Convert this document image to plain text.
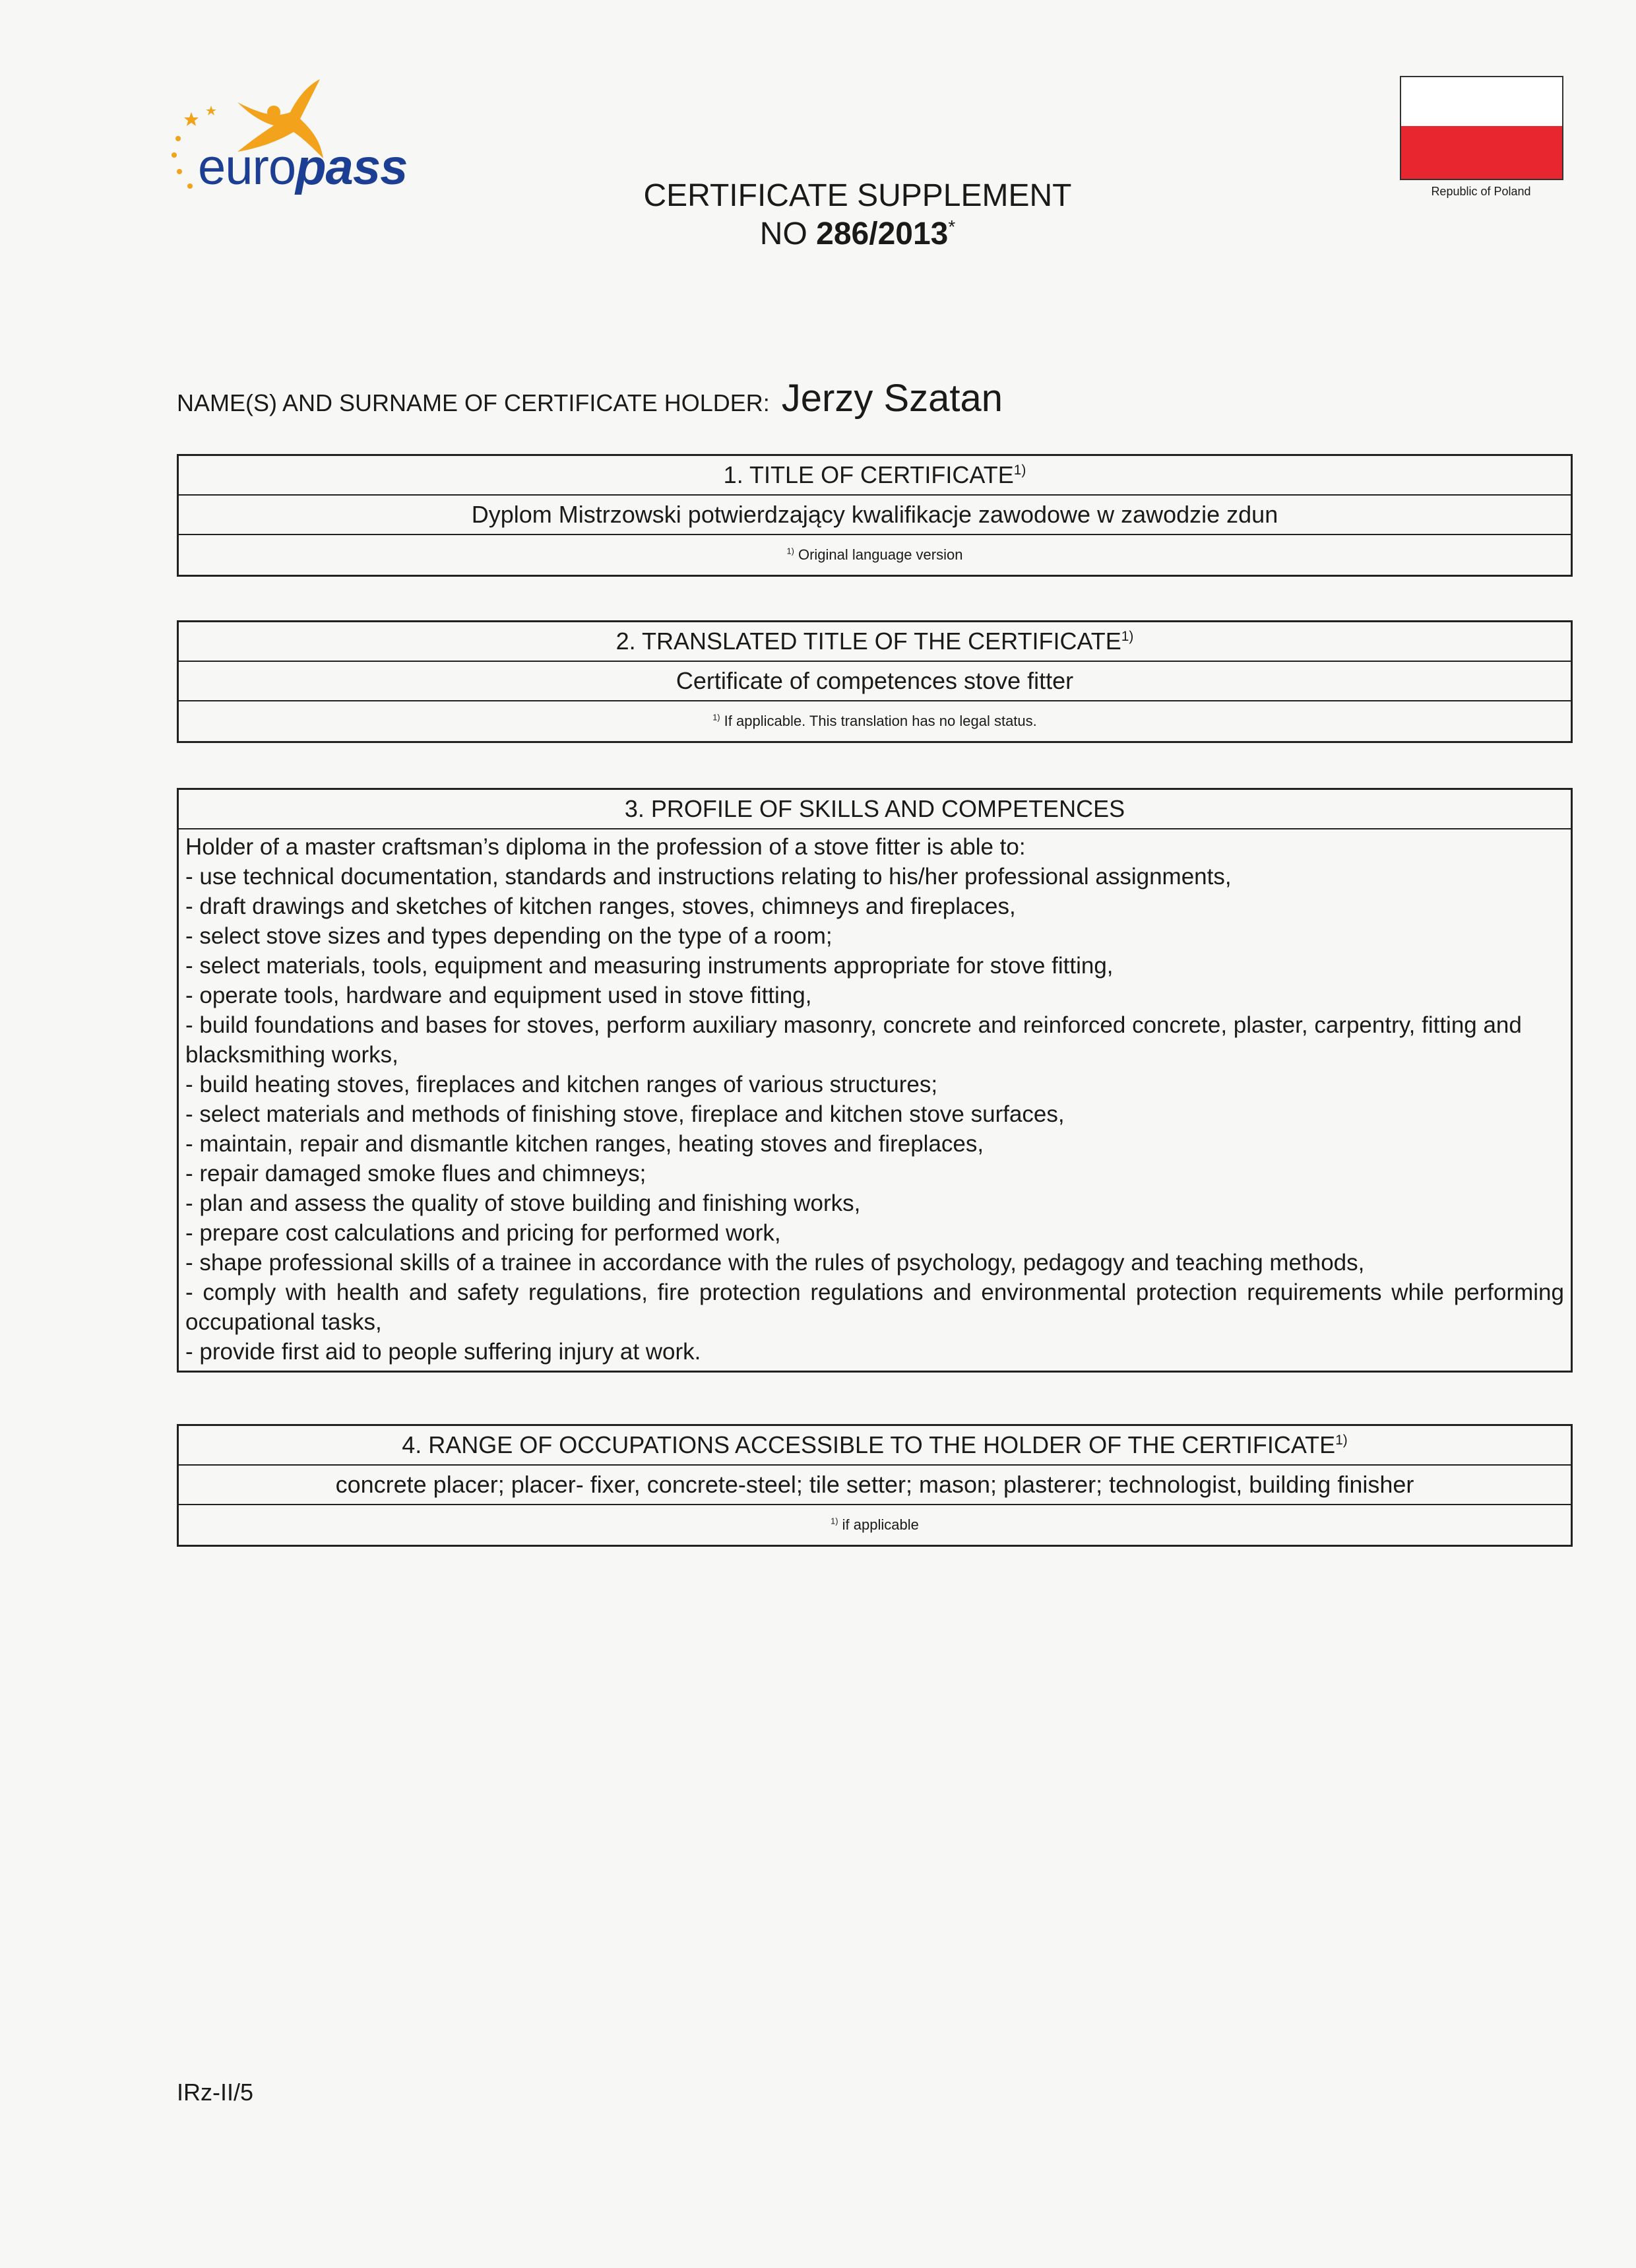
europass
CERTIFICATE SUPPLEMENT
NO 286/2013*
Republic of Poland
NAME(S) AND SURNAME OF CERTIFICATE HOLDER: Jerzy Szatan
1. TITLE OF CERTIFICATE$^{1)}$
Dyplom Mistrzowski potwierdzający kwalifikacje zawodowe w zawodzie zdun
$^{1)}$ Original language version
2. TRANSLATED TITLE OF THE CERTIFICATE$^{1)}$
Certificate of competences stove fitter
$^{1)}$ If applicable. This translation has no legal status.
3. PROFILE OF SKILLS AND COMPETENCES
Holder of a master craftsman’s diploma in the profession of a stove fitter is able to:
- use technical documentation, standards and instructions relating to his/her professional assignments,
- draft drawings and sketches of kitchen ranges, stoves, chimneys and fireplaces,
- select stove sizes and types depending on the type of a room;
- select materials, tools, equipment and measuring instruments appropriate for stove fitting,
- operate tools, hardware and equipment used in stove fitting,
- build foundations and bases for stoves, perform auxiliary masonry, concrete and reinforced concrete, plaster, carpentry, fitting and blacksmithing works,
- build heating stoves, fireplaces and kitchen ranges of various structures;
- select materials and methods of finishing stove, fireplace and kitchen stove surfaces,
- maintain, repair and dismantle kitchen ranges, heating stoves and fireplaces,
- repair damaged smoke flues and chimneys;
- plan and assess the quality of stove building and finishing works,
- prepare cost calculations and pricing for performed work,
- shape professional skills of a trainee in accordance with the rules of psychology, pedagogy and teaching methods,
- comply with health and safety regulations, fire protection regulations and environmental protection requirements while performing occupational tasks,
- provide first aid to people suffering injury at work.
4. RANGE OF OCCUPATIONS ACCESSIBLE TO THE HOLDER OF THE CERTIFICATE$^{1)}$
concrete placer; placer- fixer, concrete-steel; tile setter; mason; plasterer; technologist, building finisher
$^{1)}$ if applicable
IRz-II/5
